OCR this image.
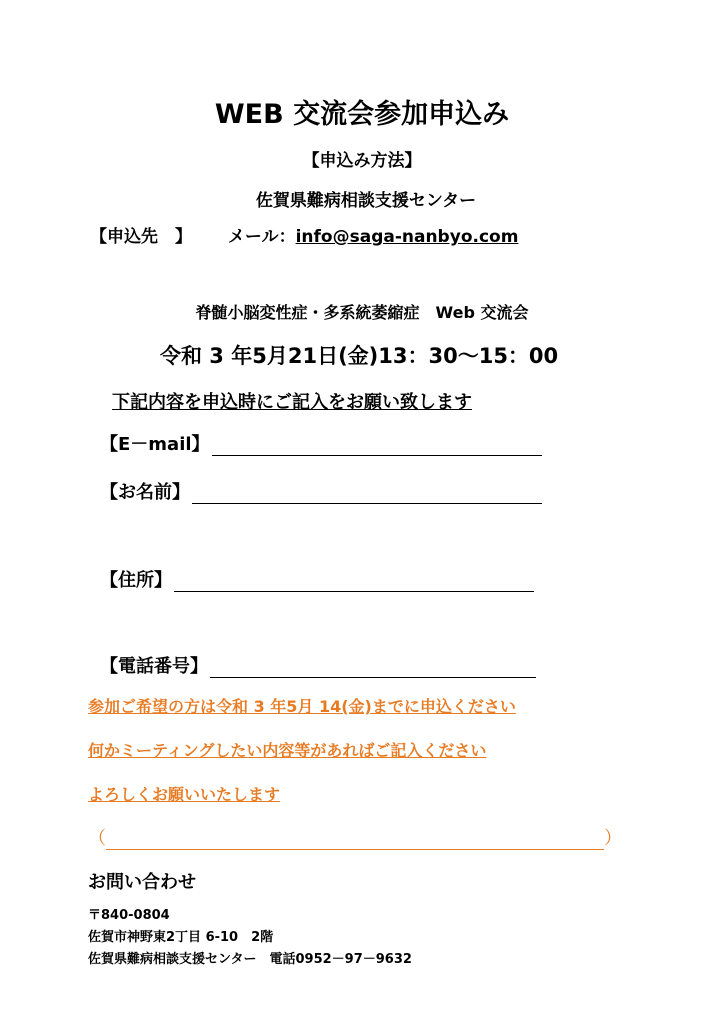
WEB 交流会参加申込み
【申込み方法】
佐賀県難病相談支援センター
【申込先　】 メール：info@saga-nanbyo.com
脊髄小脳変性症・多系統萎縮症　Web 交流会
令和 3 年5月21日(金)13：30～15：00
下記内容を申込時にご記入をお願い致します
【E－mail】
【お名前】
【住所】
【電話番号】
参加ご希望の方は令和 3 年5月 14(金)までに申込ください
何かミーティングしたい内容等があればご記入ください
よろしくお願いいたします
（	）
お問い合わせ
〒840-0804
佐賀市神野東2丁目 6-10　2階
佐賀県難病相談支援センター　電話0952－97－9632
